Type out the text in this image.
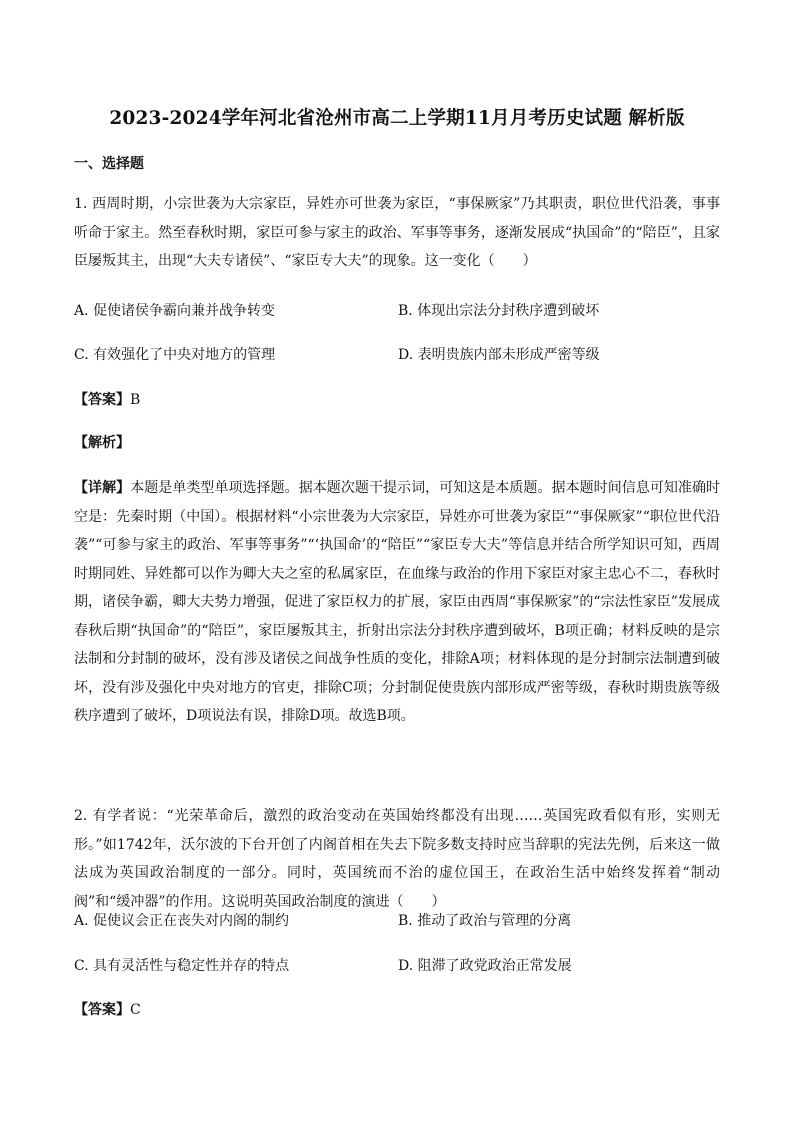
2023-2024学年河北省沧州市高二上学期11月月考历史试题 解析版
一、选择题
1. 西周时期，小宗世袭为大宗家臣，异姓亦可世袭为家臣，“事保厥家”乃其职责，职位世代沿袭，事事听命于家主。然至春秋时期，家臣可参与家主的政治、军事等事务，逐渐发展成“执国命”的“陪臣”，且家臣屡叛其主，出现“大夫专诸侯”、“家臣专大夫”的现象。这一变化（　　）
A. 促使诸侯争霸向兼并战争转变	B. 体现出宗法分封秩序遭到破坏
C. 有效强化了中央对地方的管理	D. 表明贵族内部未形成严密等级
【答案】B
【解析】
【详解】本题是单类型单项选择题。据本题次题干提示词，可知这是本质题。据本题时间信息可知准确时空是：先秦时期（中国）。根据材料“小宗世袭为大宗家臣，异姓亦可世袭为家臣”“事保厥家”“职位世代沿袭”“可参与家主的政治、军事等事务”“‘执国命’的“陪臣”“家臣专大夫”等信息并结合所学知识可知，西周时期同姓、异姓都可以作为卿大夫之室的私属家臣，在血缘与政治的作用下家臣对家主忠心不二，春秋时期，诸侯争霸，卿大夫势力增强，促进了家臣权力的扩展，家臣由西周“事保厥家”的“宗法性家臣”发展成春秋后期“执国命”的“陪臣”，家臣屡叛其主，折射出宗法分封秩序遭到破坏，B项正确；材料反映的是宗法制和分封制的破坏，没有涉及诸侯之间战争性质的变化，排除A项；材料体现的是分封制宗法制遭到破坏，没有涉及强化中央对地方的官吏，排除C项；分封制促使贵族内部形成严密等级，春秋时期贵族等级秩序遭到了破坏，D项说法有误，排除D项。故选B项。
2. 有学者说：“光荣革命后，激烈的政治变动在英国始终都没有出现……英国宪政看似有形，实则无形。”如1742年，沃尔波的下台开创了内阁首相在失去下院多数支持时应当辞职的宪法先例，后来这一做法成为英国政治制度的一部分。同时，英国统而不治的虚位国王，在政治生活中始终发挥着“制动阀”和“缓冲器”的作用。这说明英国政治制度的演进（　　）
A. 促使议会正在丧失对内阁的制约	B. 推动了政治与管理的分离
C. 具有灵活性与稳定性并存的特点	D. 阻滞了政党政治正常发展
【答案】C
